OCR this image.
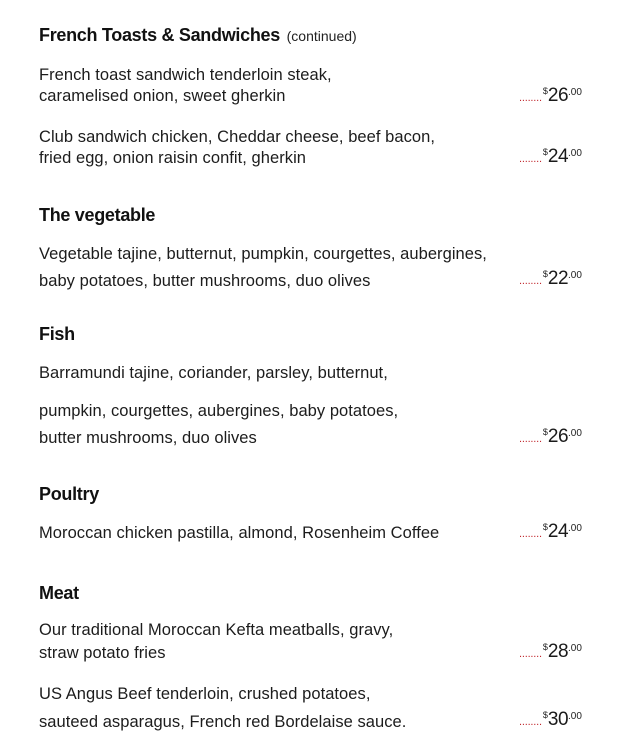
French Toasts & Sandwiches (continued)
French toast sandwich tenderloin steak,
caramelised onion, sweet gherkin	........
$ 26 .00
Club sandwich chicken, Cheddar cheese, beef bacon,
fried egg, onion raisin confit, gherkin	........
$ 24 .00
The vegetable
Vegetable tajine, butternut, pumpkin, courgettes, aubergines,
baby potatoes, butter mushrooms, duo olives	........
$ 22 .00
Fish
Barramundi tajine, coriander, parsley, butternut,
pumpkin, courgettes, aubergines, baby potatoes,
butter mushrooms, duo olives	........
$ 26 .00
Poultry
Moroccan chicken pastilla, almond, Rosenheim Coffee	........
$ 24 .00
Meat
Our traditional Moroccan Kefta meatballs, gravy,
straw potato fries	........
$ 28 .00
US Angus Beef tenderloin, crushed potatoes,
sauteed asparagus, French red Bordelaise sauce.	........
$ 30 .00
